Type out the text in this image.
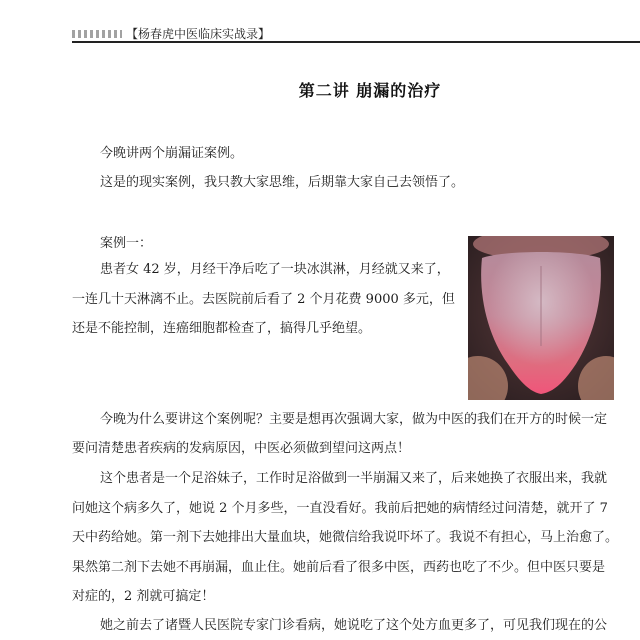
【杨春虎中医临床实战录】
第二讲 崩漏的治疗
今晚讲两个崩漏证案例。
这是的现实案例，我只教大家思维，后期靠大家自己去领悟了。
案例一：
患者女 42 岁，月经干净后吃了一块冰淇淋，月经就又来了，
一连几十天淋漓不止。去医院前后看了 2 个月花费 9000 多元，但
还是不能控制，连癌细胞都检查了，搞得几乎绝望。
今晚为什么要讲这个案例呢？主要是想再次强调大家，做为中医的我们在开方的时候一定
要问清楚患者疾病的发病原因，中医必须做到望问这两点！
这个患者是一个足浴妹子，工作时足浴做到一半崩漏又来了，后来她换了衣服出来，我就
问她这个病多久了，她说 2 个月多些，一直没看好。我前后把她的病情经过问清楚，就开了 7
天中药给她。第一剂下去她排出大量血块，她微信给我说吓坏了。我说不有担心，马上治愈了。
果然第二剂下去她不再崩漏，血止住。她前后看了很多中医，西药也吃了不少。但中医只要是
对症的，2 剂就可搞定！
她之前去了诸暨人民医院专家门诊看病，她说吃了这个处方血更多了，可见我们现在的公
